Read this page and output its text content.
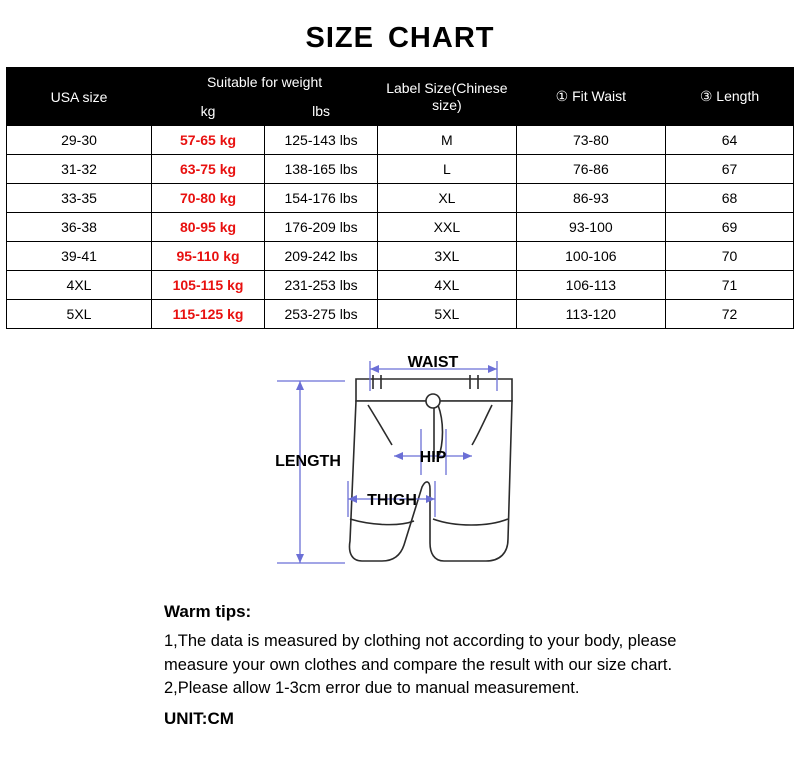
SIZE CHART
USA size	Suitable for weight		Label Size(Chinese size)	① Fit Waist	③ Length
	kg	lbs			
29-30	57-65 kg	125-143 lbs	M	73-80	64
31-32	63-75 kg	138-165 lbs	L	76-86	67
33-35	70-80 kg	154-176 lbs	XL	86-93	68
36-38	80-95 kg	176-209 lbs	XXL	93-100	69
39-41	95-110 kg	209-242 lbs	3XL	100-106	70
4XL	105-115 kg	231-253 lbs	4XL	106-113	71
5XL	115-125 kg	253-275 lbs	5XL	113-120	72
WAIST
LENGTH	HIP
THIGH
Warm tips:

1,The data is measured by clothing not according to your body, please measure your own clothes and compare the result with our size chart.

2,Please allow 1-3cm error due to manual measurement.

UNIT:CM
